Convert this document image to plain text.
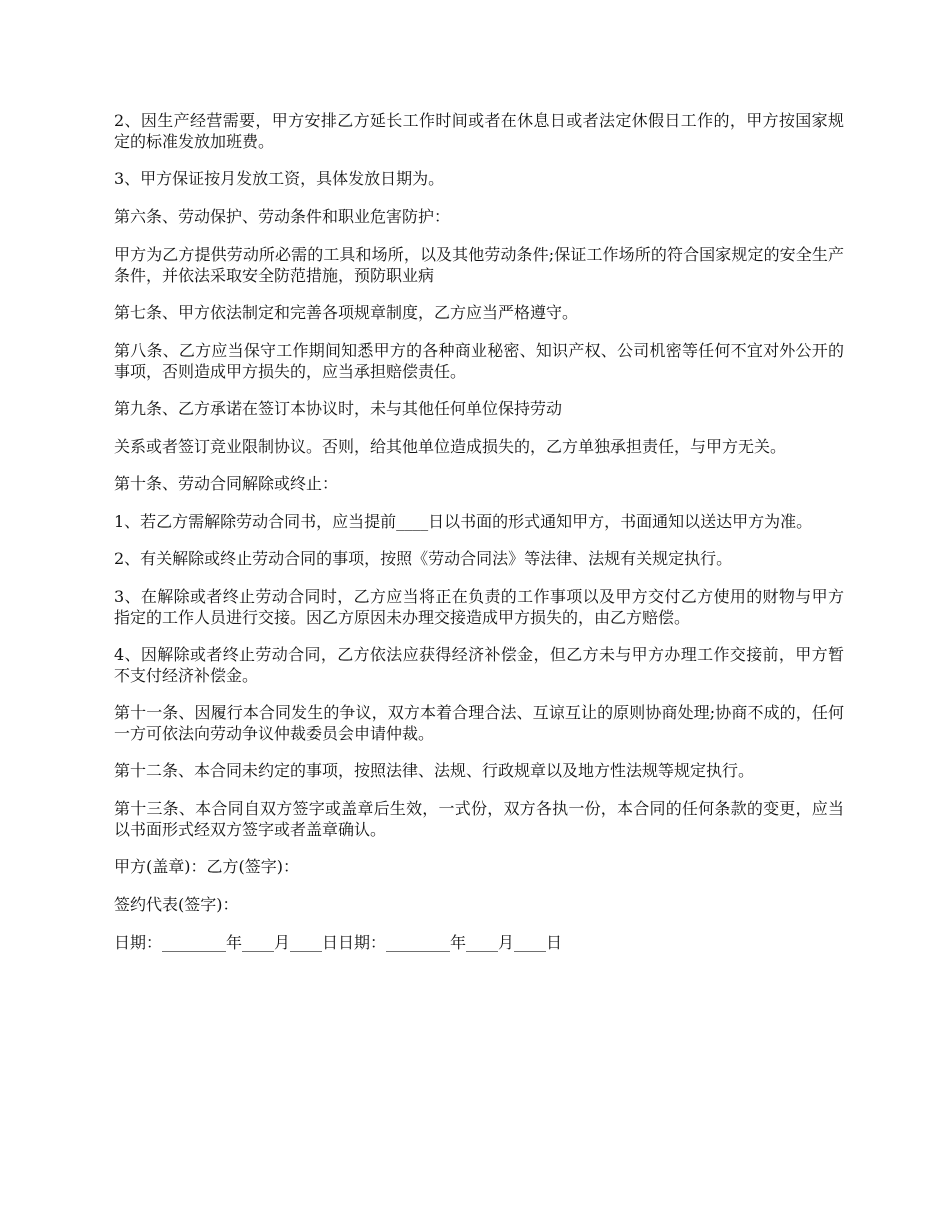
2、因生产经营需要，甲方安排乙方延长工作时间或者在休息日或者法定休假日工作的，甲方按国家规定的标准发放加班费。

3、甲方保证按月发放工资，具体发放日期为。

第六条、劳动保护、劳动条件和职业危害防护：

甲方为乙方提供劳动所必需的工具和场所，以及其他劳动条件;保证工作场所的符合国家规定的安全生产条件，并依法采取安全防范措施，预防职业病

第七条、甲方依法制定和完善各项规章制度，乙方应当严格遵守。

第八条、乙方应当保守工作期间知悉甲方的各种商业秘密、知识产权、公司机密等任何不宜对外公开的事项，否则造成甲方损失的，应当承担赔偿责任。

第九条、乙方承诺在签订本协议时，未与其他任何单位保持劳动

关系或者签订竞业限制协议。否则，给其他单位造成损失的，乙方单独承担责任，与甲方无关。

第十条、劳动合同解除或终止：

1、若乙方需解除劳动合同书，应当提前____日以书面的形式通知甲方，书面通知以送达甲方为准。

2、有关解除或终止劳动合同的事项，按照《劳动合同法》等法律、法规有关规定执行。

3、在解除或者终止劳动合同时，乙方应当将正在负责的工作事项以及甲方交付乙方使用的财物与甲方指定的工作人员进行交接。因乙方原因未办理交接造成甲方损失的，由乙方赔偿。

4、因解除或者终止劳动合同，乙方依法应获得经济补偿金，但乙方未与甲方办理工作交接前，甲方暂不支付经济补偿金。

第十一条、因履行本合同发生的争议，双方本着合理合法、互谅互让的原则协商处理;协商不成的，任何一方可依法向劳动争议仲裁委员会申请仲裁。

第十二条、本合同未约定的事项，按照法律、法规、行政规章以及地方性法规等规定执行。

第十三条、本合同自双方签字或盖章后生效，一式份，双方各执一份，本合同的任何条款的变更，应当以书面形式经双方签字或者盖章确认。

甲方(盖章)：乙方(签字)：

签约代表(签字)：

日期：________年____月____日日期：________年____月____日
